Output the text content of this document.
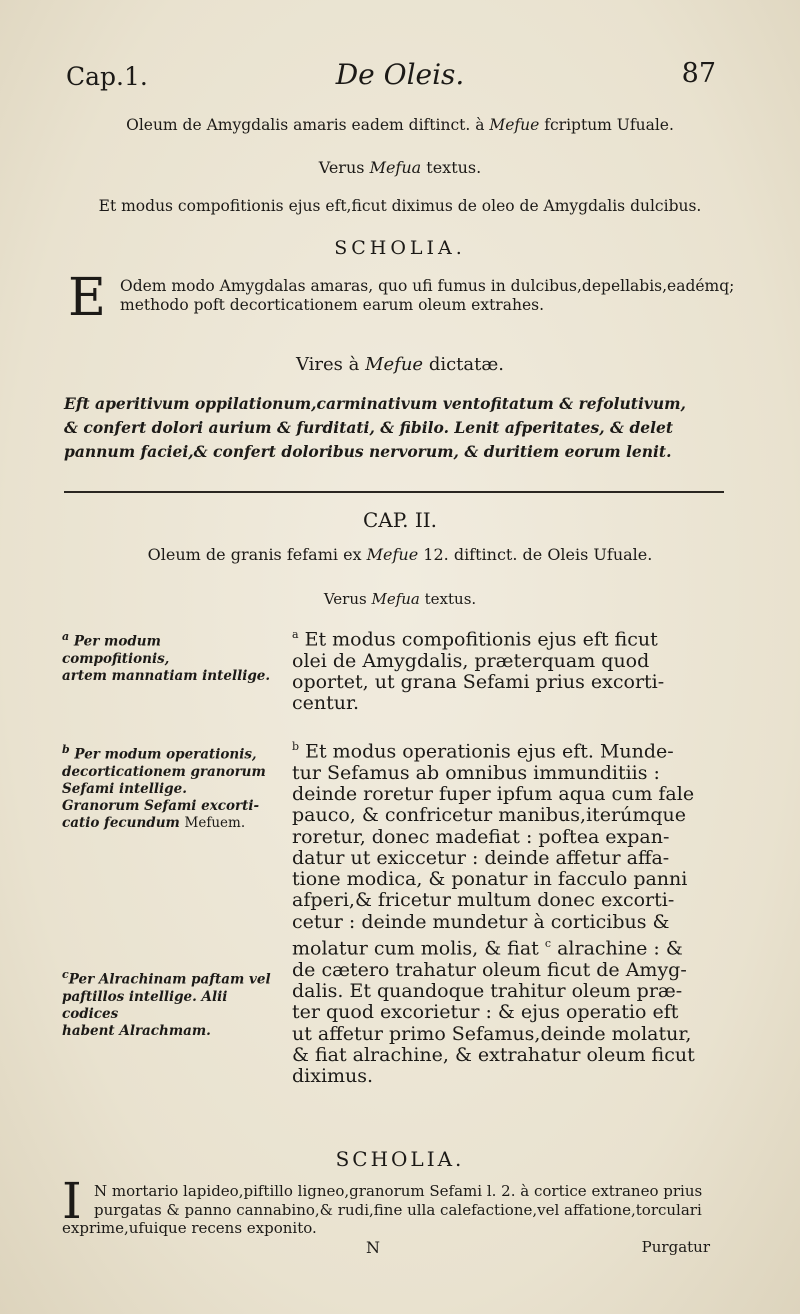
Cap.1.	De Oleis.	87
Oleum de Amygdalis amaris eadem diftinct. à Mefue fcriptum Ufuale.
Verus Mefua textus.
Et modus compofitionis ejus eft,ficut diximus de oleo de Amygdalis dulcibus.
SCHOLIA.
E Odem modo Amygdalas amaras, quo ufi fumus in dulcibus,depellabis,eadémq;
methodo poft decorticationem earum oleum extrahes.
Vires à Mefue dictatæ.
Eft aperitivum oppilationum,carminativum ventofitatum & refolutivum,
& confert dolori aurium & furditati, & fibilo. Lenit afperitates, & delet
pannum faciei,& confert doloribus nervorum, & duritiem eorum lenit.
CAP. II.
Oleum de granis fefami ex Mefue 12. diftinct. de Oleis Ufuale.
Verus Mefua textus.
$^a$ Per modum compofitionis,
artem mannatiam intellige.
$^b$ Per modum operationis,
decorticationem granorum
Sefami intellige.
Granorum Sefami excorti-
catio fecundum Mefuem.
$^c$Per Alrachinam paftam vel
paftillos intellige. Alii codices
habent Alrachmam.

$^a$ Et modus compofitionis ejus eft ficut

olei de Amygdalis, præterquam quod

oportet, ut grana Sefami prius excorti-

centur.

$^b$ Et modus operationis ejus eft. Munde-

tur Sefamus ab omnibus immunditiis :

deinde roretur fuper ipfum aqua cum fale

pauco, & confricetur manibus,iterúmque

roretur, donec madefiat : poftea expan-

datur ut exiccetur : deinde affetur affa-

tione modica, & ponatur in facculo panni

afperi,& fricetur multum donec excorti-

cetur : deinde mundetur à corticibus &

molatur cum molis, & fiat $^c$ alrachine : &

de cætero trahatur oleum ficut de Amyg-

dalis. Et quandoque trahitur oleum præ-

ter quod excorietur : & ejus operatio eft

ut affetur primo Sefamus,deinde molatur,

& fiat alrachine, & extrahatur oleum ficut

diximus.

SCHOLIA.
I N mortario lapideo,piftillo ligneo,granorum Sefami l. 2. à cortice extraneo prius
purgatas & panno cannabino,& rudi,fine ulla calefactione,vel affatione,torculari
exprime,ufuique recens exponito.
N	Purgatur
